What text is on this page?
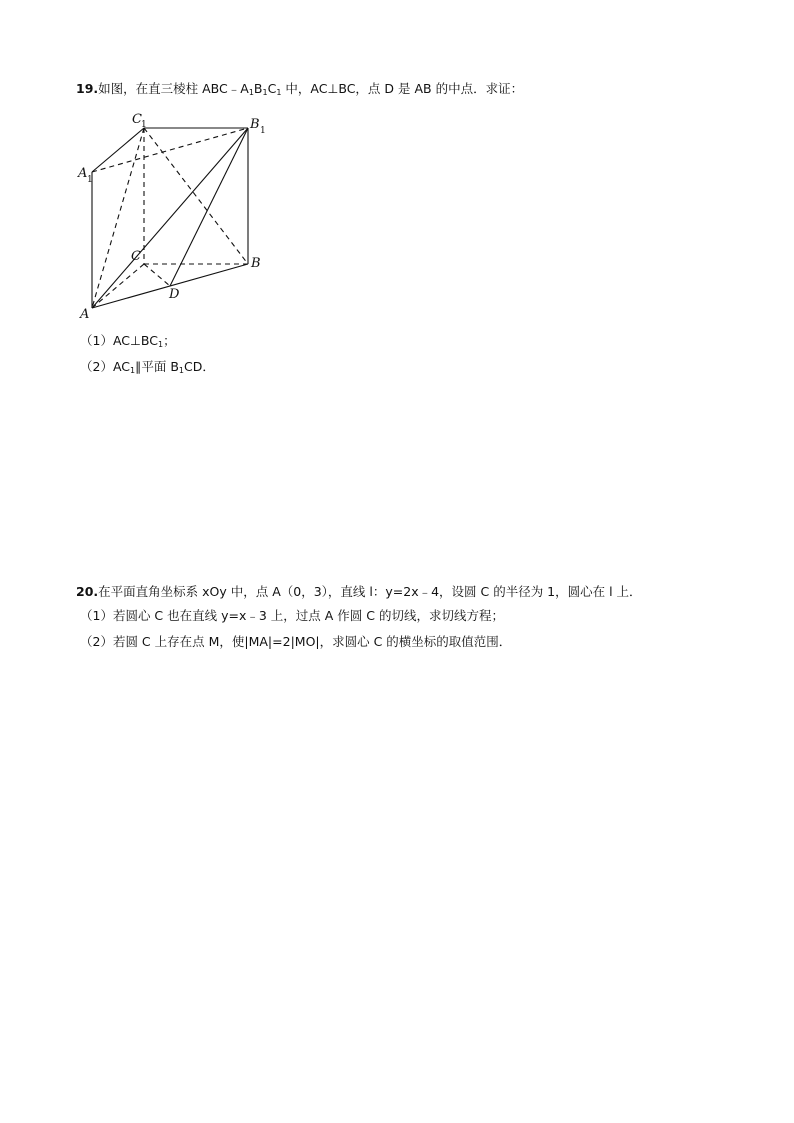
19.如图，在直三棱柱 $ABC﹣A_1B_1C_1$ 中，AC⊥BC，点 D 是 AB 的中点．求证：
C 1	B 1
A 1
C	B
D
A
$(1)AC\perp BC_1$；
$(2)AC_1\parallel$平面 $B_1CD$．
20.在平面直角坐标系 xOy 中，点 A（0，3），直线 l：y=2x﹣4，设圆 C 的半径为 1，圆心在 l 上．
（1）若圆心 C 也在直线 y=x﹣3 上，过点 A 作圆 C 的切线，求切线方程；
（2）若圆 C 上存在点 M，使|MA|=2|MO|，求圆心 C 的横坐标的取值范围．
